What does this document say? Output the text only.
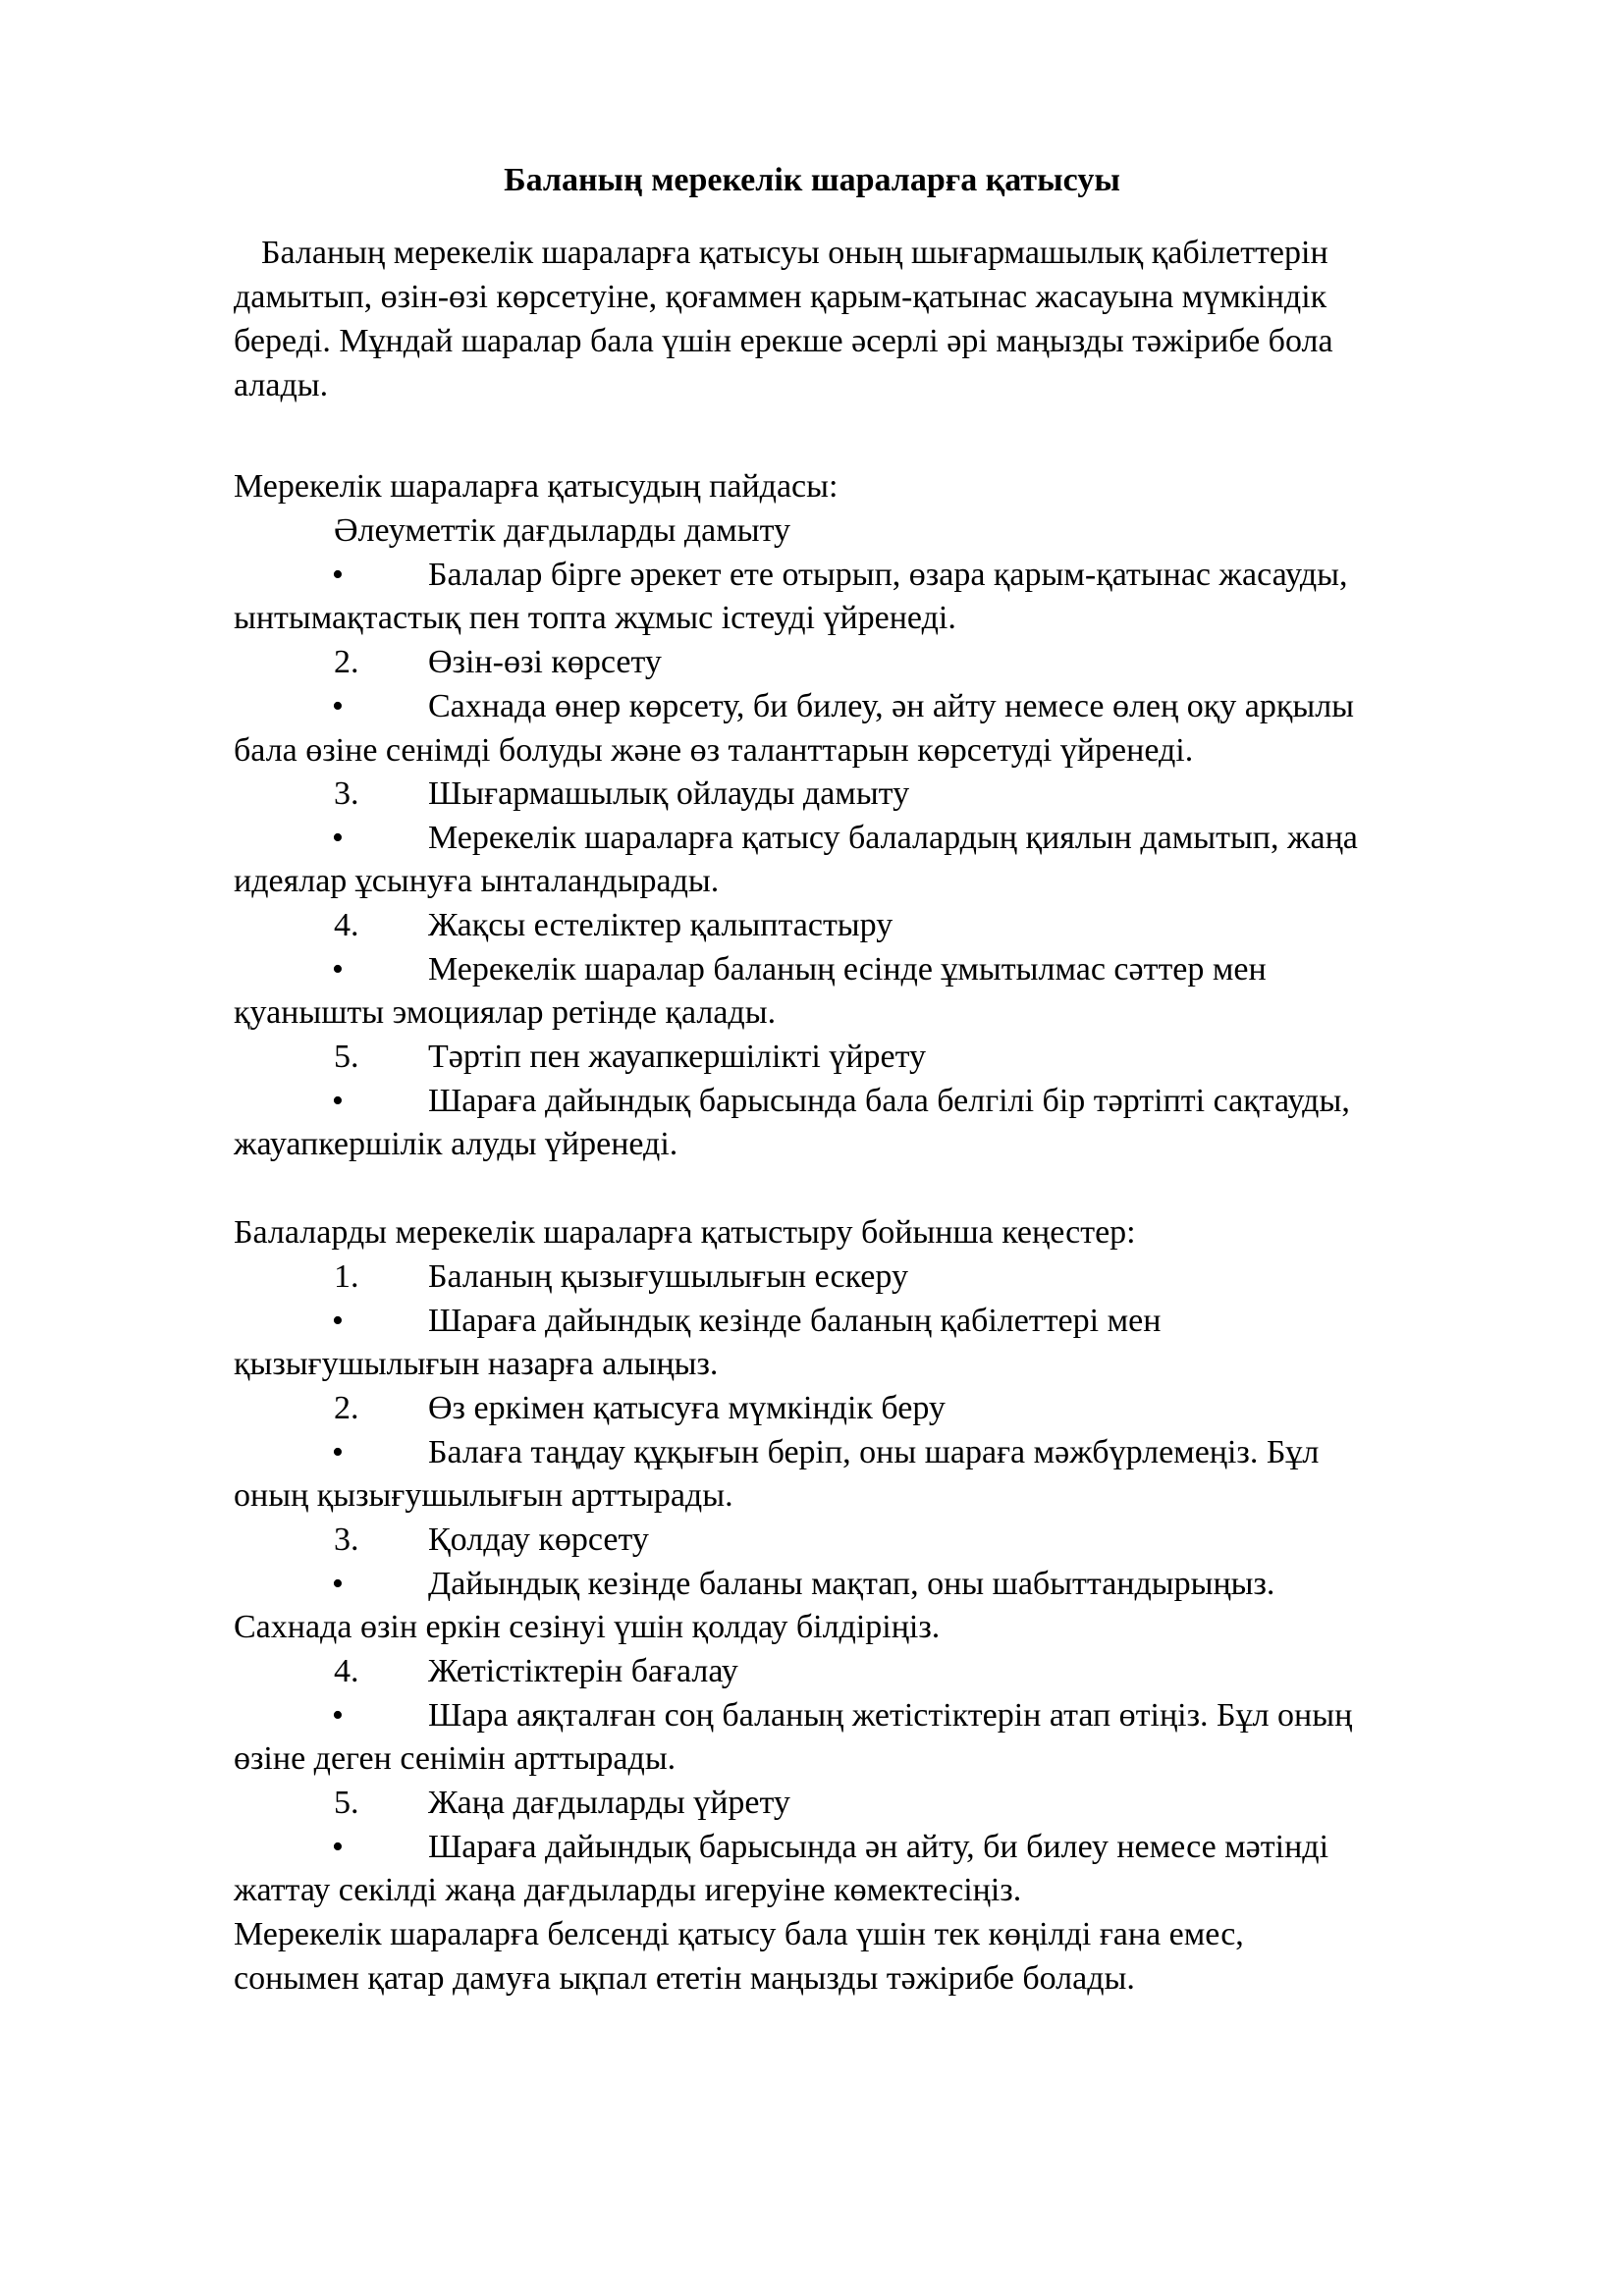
Баланың мерекелік шараларға қатысуы
Баланың мерекелік шараларға қатысуы оның шығармашылық қабілеттерін
дамытып, өзін-өзі көрсетуіне, қоғаммен қарым-қатынас жасауына мүмкіндік
береді. Мұндай шаралар бала үшін ерекше әсерлі әрі маңызды тәжірибе бола
алады.
Мерекелік шараларға қатысудың пайдасы:
Әлеуметтік дағдыларды дамыту
•	Балалар бірге әрекет ете отырып, өзара қарым-қатынас жасауды,
ынтымақтастық пен топта жұмыс істеуді үйренеді.
2. Өзін-өзі көрсету
•	Сахнада өнер көрсету, би билеу, ән айту немесе өлең оқу арқылы
бала өзіне сенімді болуды және өз таланттарын көрсетуді үйренеді.
3. Шығармашылық ойлауды дамыту
•	Мерекелік шараларға қатысу балалардың қиялын дамытып, жаңа
идеялар ұсынуға ынталандырады.
4. Жақсы естеліктер қалыптастыру
•	Мерекелік шаралар баланың есінде ұмытылмас сәттер мен
қуанышты эмоциялар ретінде қалады.
5. Тәртіп пен жауапкершілікті үйрету
•	Шараға дайындық барысында бала белгілі бір тәртіпті сақтауды,
жауапкершілік алуды үйренеді.
Балаларды мерекелік шараларға қатыстыру бойынша кеңестер:
1. Баланың қызығушылығын ескеру
•	Шараға дайындық кезінде баланың қабілеттері мен
қызығушылығын назарға алыңыз.
2. Өз еркімен қатысуға мүмкіндік беру
•	Балаға таңдау құқығын беріп, оны шараға мәжбүрлемеңіз. Бұл
оның қызығушылығын арттырады.
3. Қолдау көрсету
•	Дайындық кезінде баланы мақтап, оны шабыттандырыңыз.
Сахнада өзін еркін сезінуі үшін қолдау білдіріңіз.
4. Жетістіктерін бағалау
•	Шара аяқталған соң баланың жетістіктерін атап өтіңіз. Бұл оның
өзіне деген сенімін арттырады.
5. Жаңа дағдыларды үйрету
•	Шараға дайындық барысында ән айту, би билеу немесе мәтінді
жаттау секілді жаңа дағдыларды игеруіне көмектесіңіз.
Мерекелік шараларға белсенді қатысу бала үшін тек көңілді ғана емес,
сонымен қатар дамуға ықпал ететін маңызды тәжірибе болады.
